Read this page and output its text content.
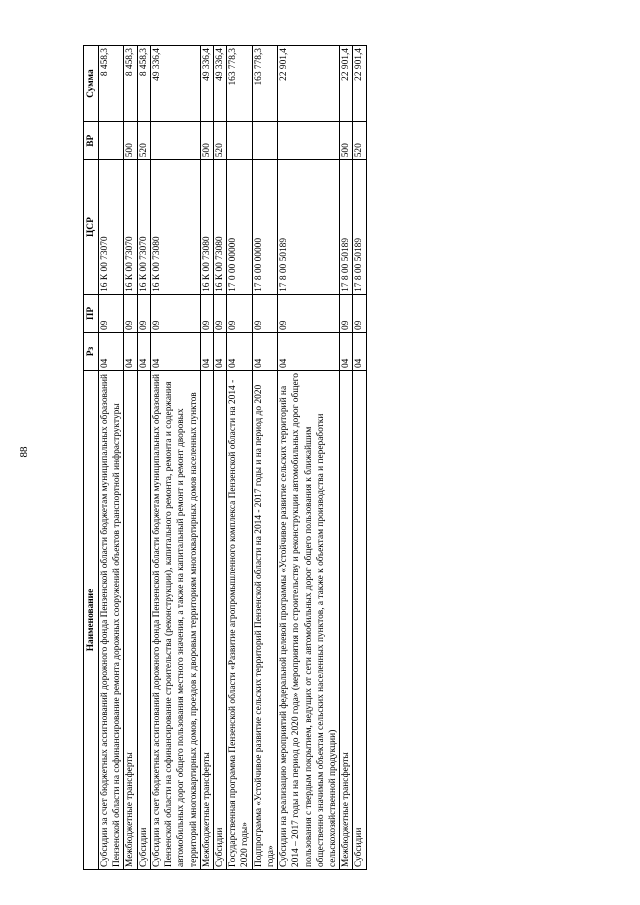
88
Наименование	Рз	ПР	ЦСР	ВР	Сумма
Субсидии за счет бюджетных ассигнований дорожного фонда Пензенской области бюджетам муниципальных образований Пензенской области на софинансирование ремонта дорожных сооружений объектов транспортной инфраструктуры	04	09	16 К 00 73070		8 458,3
Межбюджетные трансферты	04	09	16 К 00 73070	500	8 458,3
Субсидии	04	09	16 К 00 73070	520	8 458,3
Субсидии за счет бюджетных ассигнований дорожного фонда Пензенской области бюджетам муниципальных образований Пензенской области на софинансирование строительства (реконструкции), капитального ремонта, ремонта и содержания автомобильных дорог общего пользования местного значения, а также на капитальный ремонт и ремонт дворовых территорий многоквартирных домов, проездов к дворовым территориям многоквартирных домов населенных пунктов	04	09	16 К 00 73080		49 336,4
Межбюджетные трансферты	04	09	16 К 00 73080	500	49 336,4
Субсидии	04	09	16 К 00 73080	520	49 336,4
Государственная программа Пензенской области «Развитие агропромышленного комплекса Пензенской области на 2014 - 2020 годы»	04	09	17 0 00 00000		163 778,3
Подпрограмма «Устойчивое развитие сельских территорий Пензенской области на 2014 - 2017 годы и на период до 2020 года»	04	09	17 8 00 00000		163 778,3
Субсидии на реализацию мероприятий федеральной целевой программы «Устойчивое развитие сельских территорий на 2014 – 2017 годы и на период до 2020 года» (мероприятия по строительству и реконструкции автомобильных дорог общего пользования с твердым покрытием, ведущих от сети автомобильных дорог общего пользования к ближайшим общественно значимым объектам сельских населенных пунктов, а также к объектам производства и переработки сельскохозяйственной продукции)	04	09	17 8 00 50189		22 901,4
Межбюджетные трансферты	04	09	17 8 00 50189	500	22 901,4
Субсидии	04	09	17 8 00 50189	520	22 901,4
